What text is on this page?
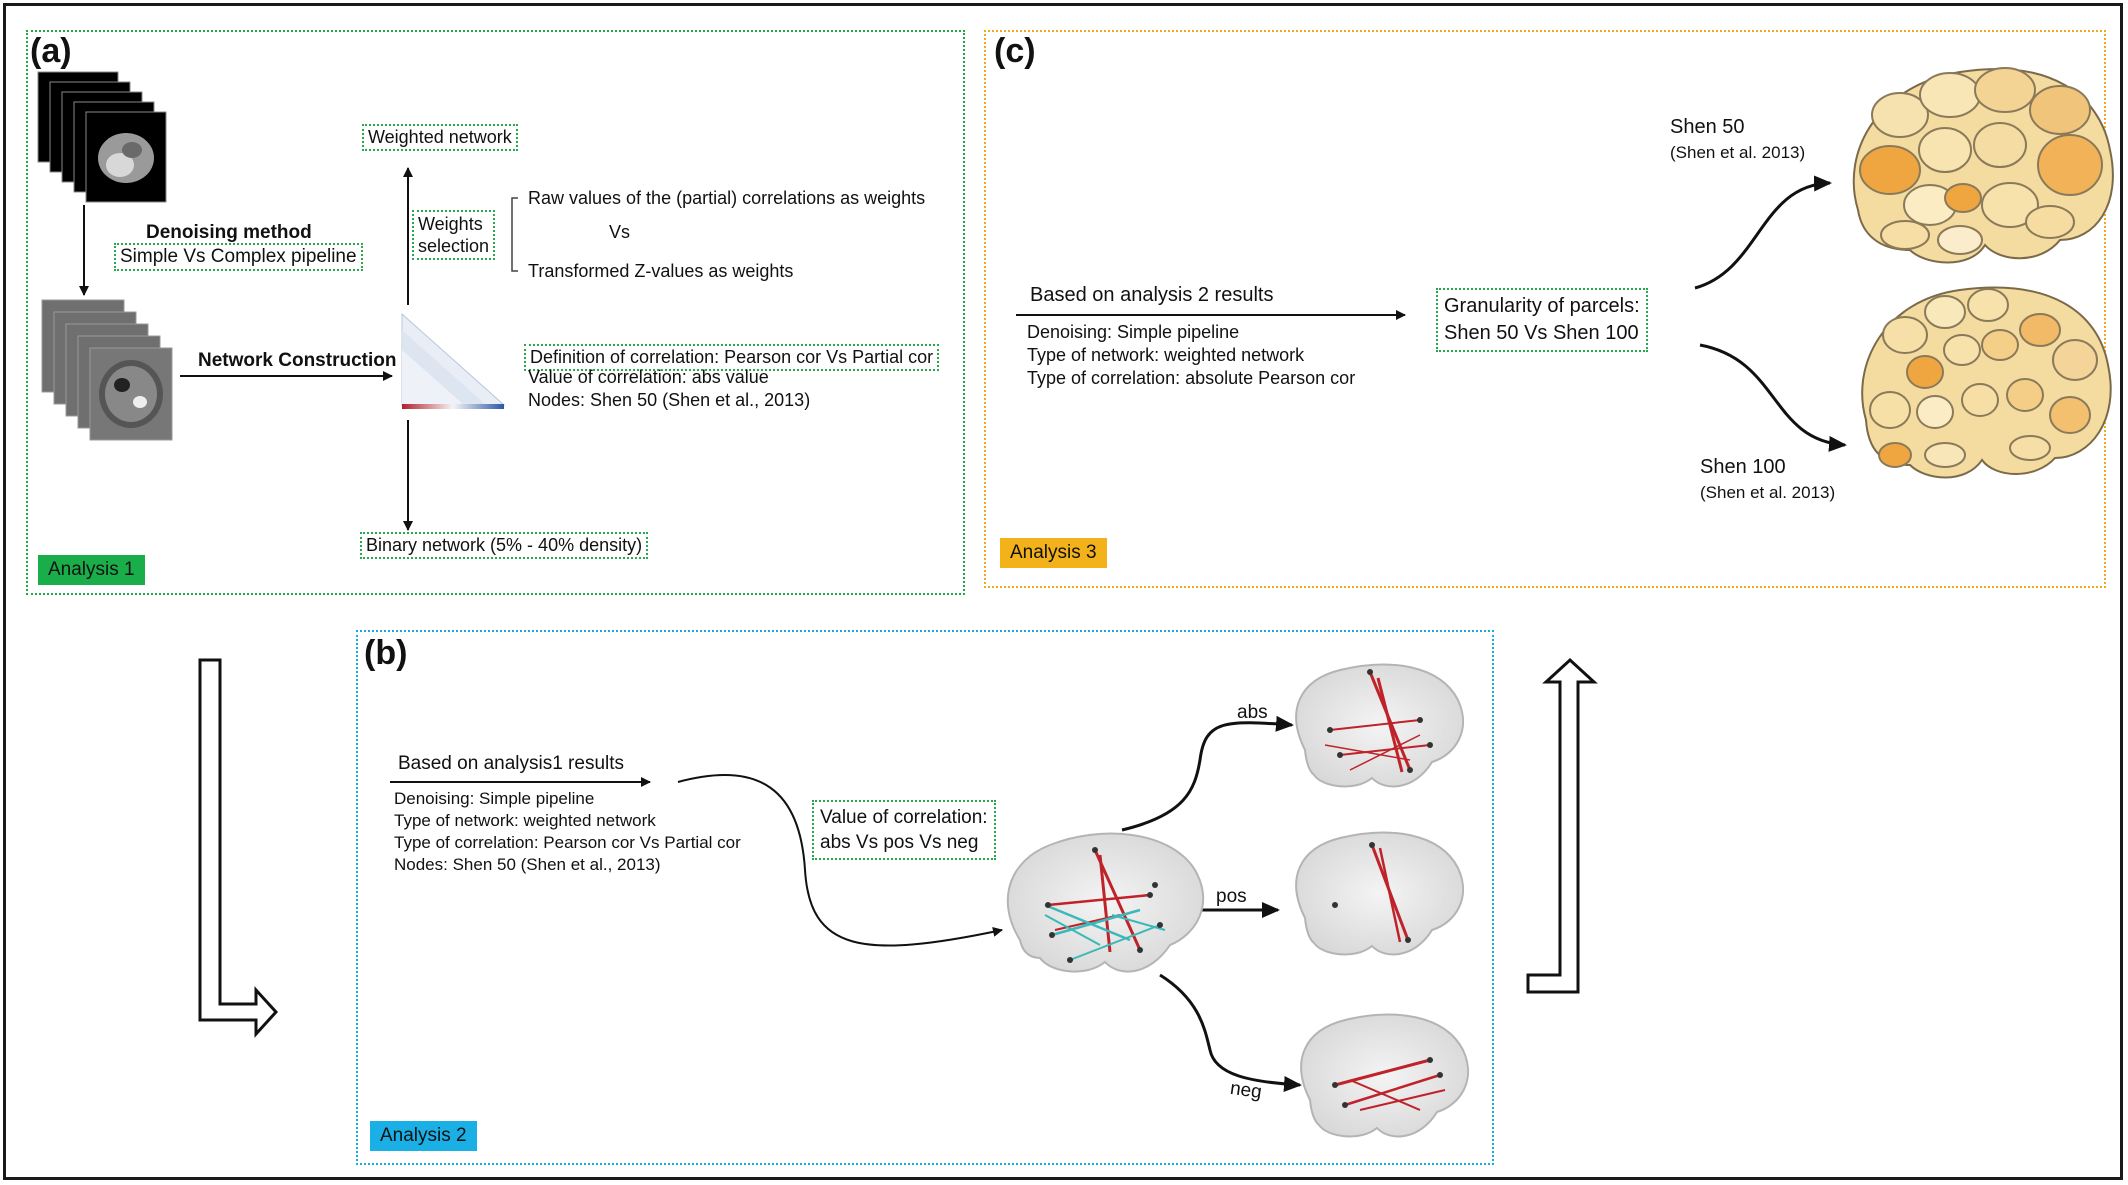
(a)
Denoising method
Simple Vs Complex pipeline
Network Construction
Weighted network
Weights
selection
Raw values of the (partial) correlations as weights
Vs
Transformed Z-values as weights
Definition of correlation: Pearson cor Vs Partial cor
Value of correlation: abs value
Nodes: Shen 50 (Shen et al., 2013)
Binary network (5% - 40% density)
Analysis 1
(c)
Based on analysis 2 results
Denoising: Simple pipeline
Type of network: weighted network
Type of correlation: absolute Pearson cor
Granularity of parcels:
Shen 50 Vs Shen 100
Shen 50
(Shen et al. 2013)
Shen 100
(Shen et al. 2013)
Analysis 3
(b)
Based on analysis1 results
Denoising: Simple pipeline
Type of network: weighted network
Type of correlation: Pearson cor Vs Partial cor
Nodes: Shen 50 (Shen et al., 2013)
Value of correlation:
abs Vs pos Vs neg
abs
pos
neg
Analysis 2
